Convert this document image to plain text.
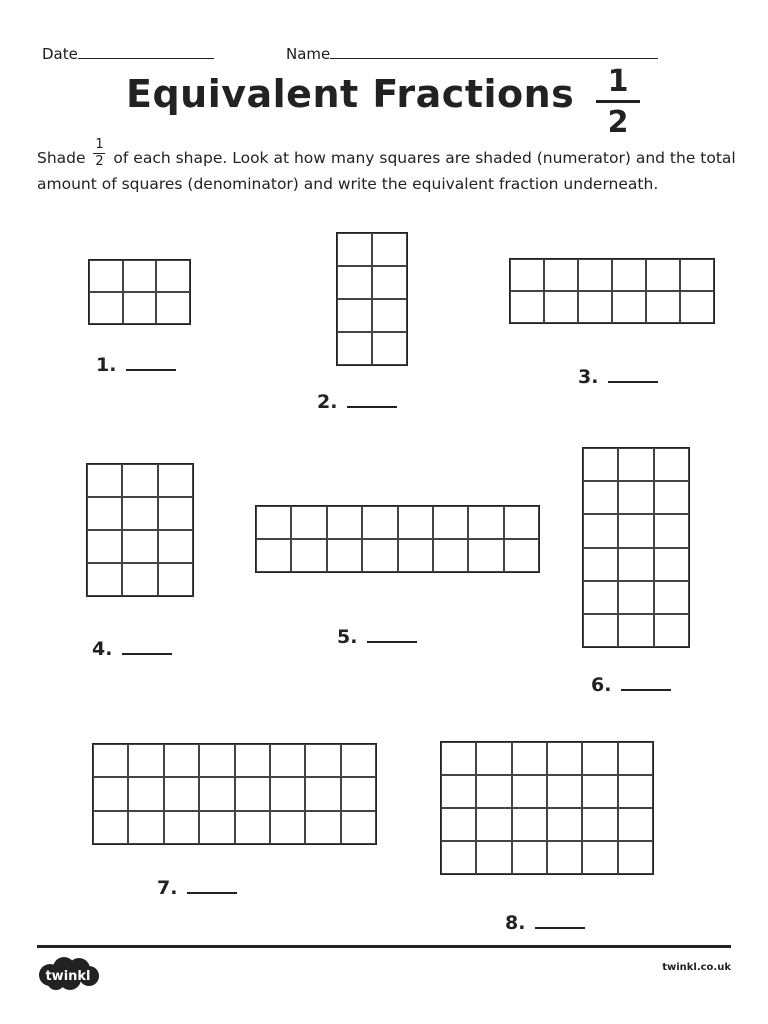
Date	Name
Equivalent Fractions	1
2
Shade $\frac{1}{2}$ of each shape. Look at how many squares are shaded (numerator) and the total amount of squares (denominator) and write the equivalent fraction underneath.
1.
2.
3.
4.
5.
6.
7.
8.
twinkl
twinkl.co.uk
